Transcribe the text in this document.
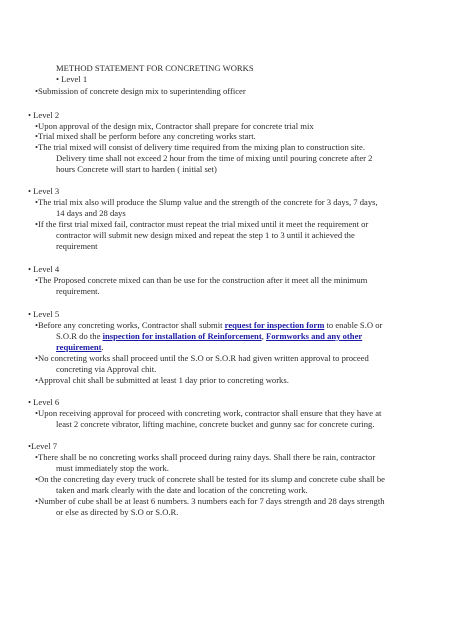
METHOD STATEMENT FOR CONCRETING WORKS
• Level 1
•Submission of concrete design mix to superintending officer
• Level 2
•Upon approval of the design mix, Contractor shall prepare for concrete trial mix
•Trial mixed shall be perform before any concreting works start.
•The trial mixed will consist of delivery time required from the mixing plan to construction site.
Delivery time shall not exceed 2 hour from the time of mixing until pouring concrete after 2
hours Concrete will start to harden ( initial set)
• Level 3
•The trial mix also will produce the Slump value and the strength of the concrete for 3 days, 7 days,
14 days and 28 days
•If the first trial mixed fail, contractor must repeat the trial mixed until it meet the requirement or
contractor will submit new design mixed and repeat the step 1 to 3 until it achieved the
requirement
• Level 4
•The Proposed concrete mixed can than be use for the construction after it meet all the minimum
requirement.
• Level 5
•Before any concreting works, Contractor shall submit request for inspection form to enable S.O or
S.O.R do the inspection for installation of Reinforcement, Formworks and any other
requirement.
•No concreting works shall proceed until the S.O or S.O.R had given written approval to proceed
concreting via Approval chit.
•Approval chit shall be submitted at least 1 day prior to concreting works.
• Level 6
•Upon receiving approval for proceed with concreting work, contractor shall ensure that they have at
least 2 concrete vibrator, lifting machine, concrete bucket and gunny sac for concrete curing.
•Level 7
•There shall be no concreting works shall proceed during rainy days. Shall there be rain, contractor
must immediately stop the work.
•On the concreting day every truck of concrete shall be tested for its slump and concrete cube shall be
taken and mark clearly with the date and location of the concreting work.
•Number of cube shall be at least 6 numbers. 3 numbers each for 7 days strength and 28 days strength
or else as directed by S.O or S.O.R.
